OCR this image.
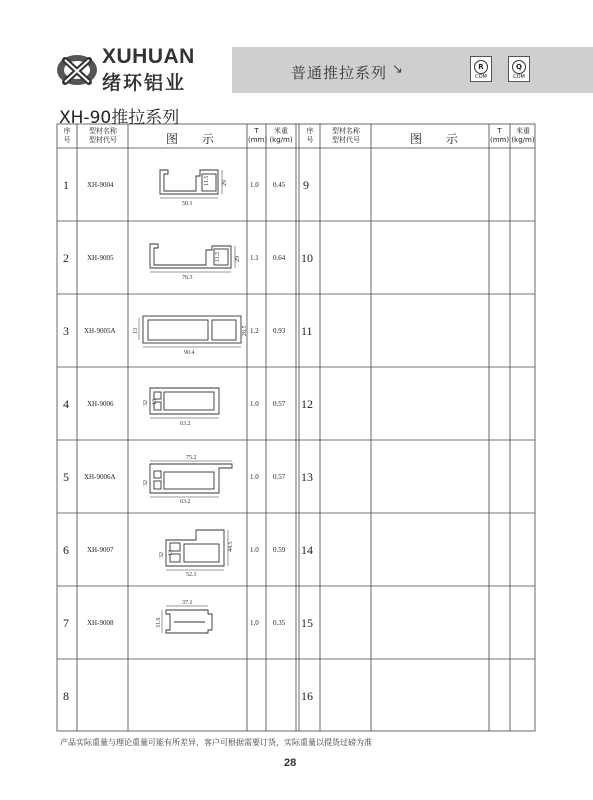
XUHUAN
绪环铝业	普通推拉系列 ↘	R
COM
Q
COM
XH-90推拉系列
序
号
型材名称
型材代号	图 示
T
(mm)
米重
(kg/m)
序
号
型材名称
型材代号	图 示
T
(mm)
米重
(kg/m)
1	XH-9004	1.0 0.45
2	XH-9005	1.1 0.64
3 XH-9005A	1.2 0.93
4	XH-9006	1.0 0.57
5 XH-9006A	1.0 0.57
6	XH-9007	1.0 0.59
7	XH-9008	1.0 0.35
8
9
10
11
12
13
14
15
16
50.1
11.5 29
76.3
11.5 29
90.4
13	26.5
63.2
32 13
75.2
63.2
32
52.1
44.5
32 13
37.1
31.6
产品实际重量与理论重量可能有所差异，客户可根据需要订货，实际重量以提货过磅为准
28
